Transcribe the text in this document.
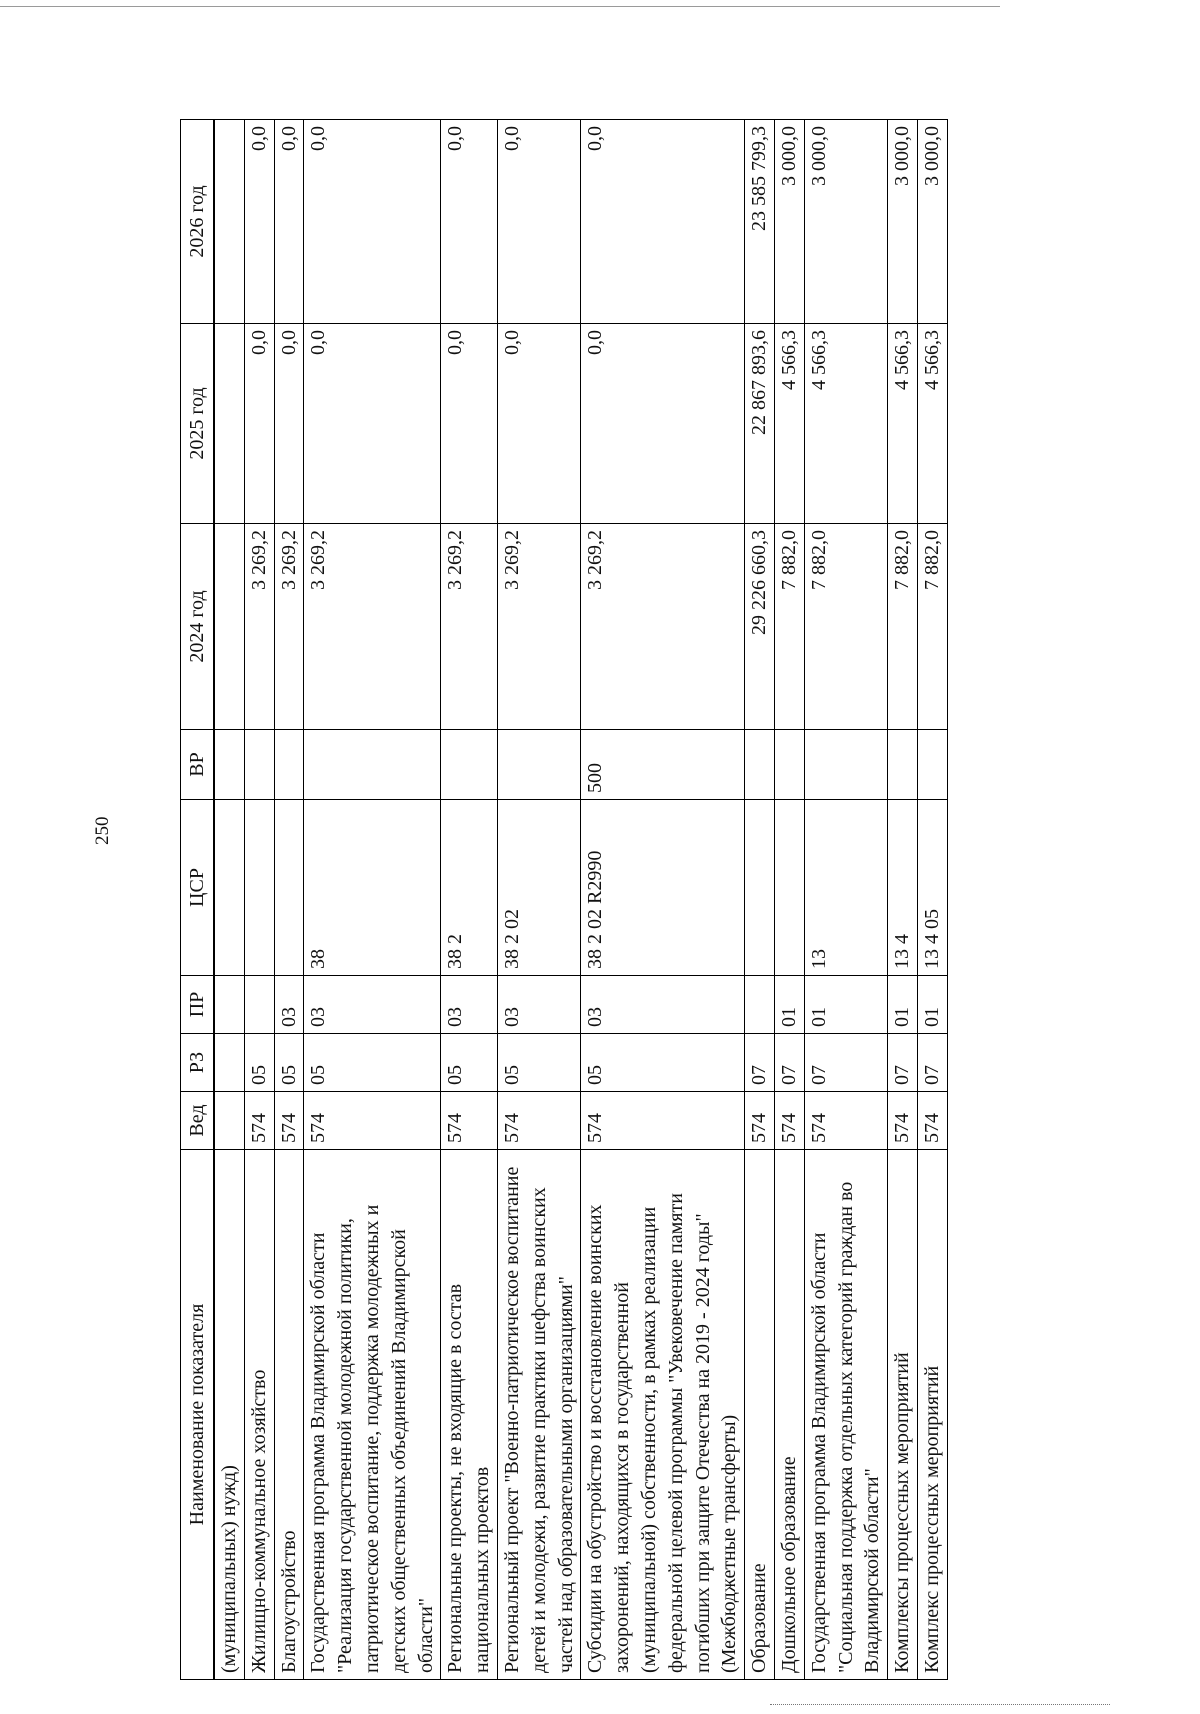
250
Наименование показателя	Вед	РЗ	ПР	ЦСР	ВР	2024 год	2025 год	2026 год
(муниципальных) нужд)								
Жилищно-коммунальное хозяйство	574	05				3 269,2	0,0	0,0
Благоустройство	574	05	03			3 269,2	0,0	0,0
Государственная программа Владимирской области "Реализация государственной молодежной политики, патриотическое воспитание, поддержка молодежных и детских общественных объединений Владимирской области"	574	05	03	38		3 269,2	0,0	0,0
Региональные проекты, не входящие в состав национальных проектов	574	05	03	38 2		3 269,2	0,0	0,0
Региональный проект "Военно-патриотическое воспитание детей и молодежи, развитие практики шефства воинских частей над образовательными организациями"	574	05	03	38 2 02		3 269,2	0,0	0,0
Субсидии на обустройство и восстановление воинских захоронений, находящихся в государственной (муниципальной) собственности, в рамках реализации федеральной целевой программы "Увековечение памяти погибших при защите Отечества на 2019 - 2024 годы" (Межбюджетные трансферты)	574	05	03	38 2 02 R2990	500	3 269,2	0,0	0,0
Образование	574	07				29 226 660,3	22 867 893,6	23 585 799,3
Дошкольное образование	574	07	01			7 882,0	4 566,3	3 000,0
Государственная программа Владимирской области "Социальная поддержка отдельных категорий граждан во Владимирской области"	574	07	01	13		7 882,0	4 566,3	3 000,0
Комплексы процессных мероприятий	574	07	01	13 4		7 882,0	4 566,3	3 000,0
Комплекс процессных мероприятий	574	07	01	13 4 05		7 882,0	4 566,3	3 000,0
